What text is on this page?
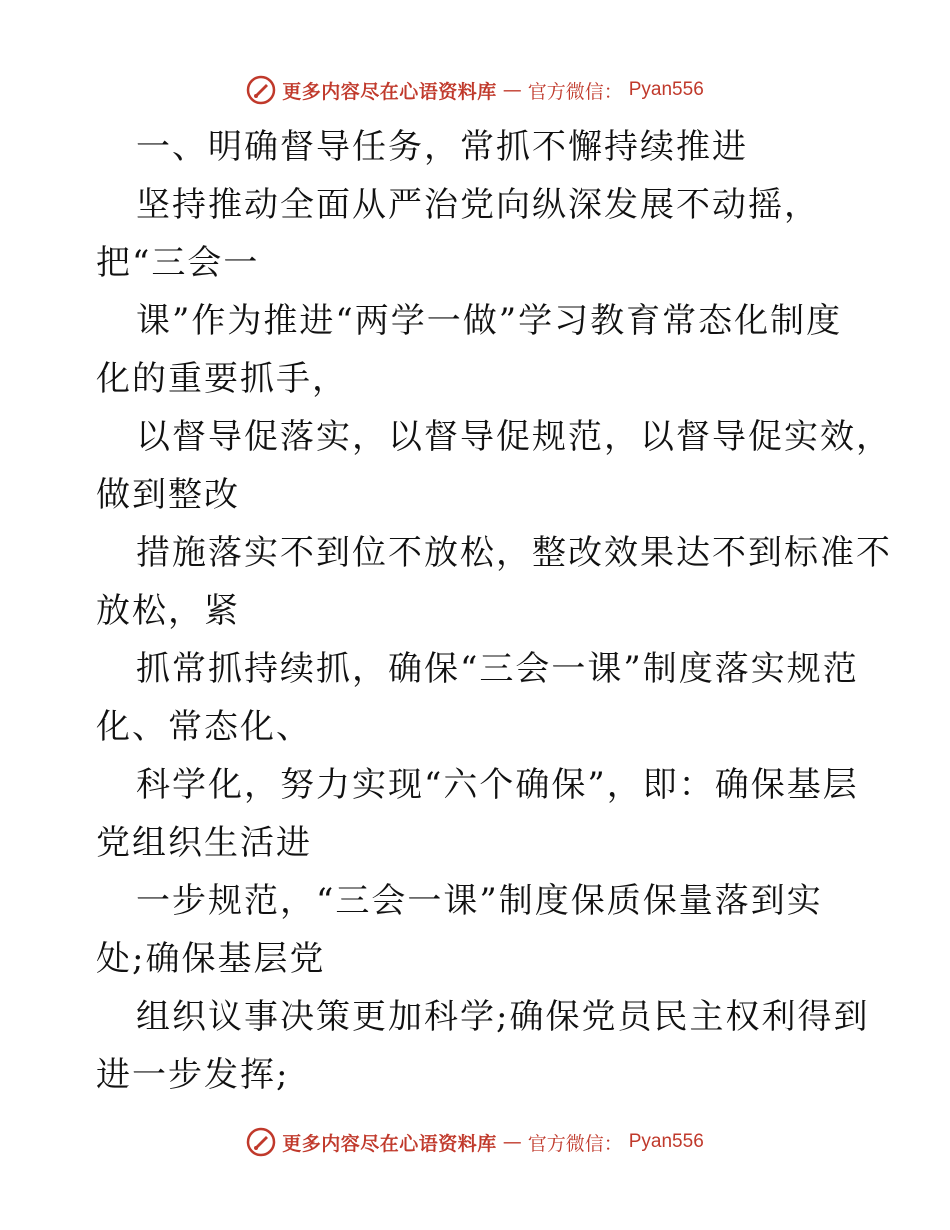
更多内容尽在心语资料库 — 官方微信： Pyan556
一、明确督导任务，常抓不懈持续推进
坚持推动全面从严治党向纵深发展不动摇，
把“三会一
课”作为推进“两学一做”学习教育常态化制度
化的重要抓手，
以督导促落实，以督导促规范，以督导促实效，
做到整改
措施落实不到位不放松，整改效果达不到标准不
放松，紧
抓常抓持续抓，确保“三会一课”制度落实规范
化、常态化、
科学化，努力实现“六个确保”，即：确保基层
党组织生活进
一步规范，“三会一课”制度保质保量落到实
处;确保基层党
组织议事决策更加科学;确保党员民主权利得到
进一步发挥;
更多内容尽在心语资料库 — 官方微信： Pyan556
